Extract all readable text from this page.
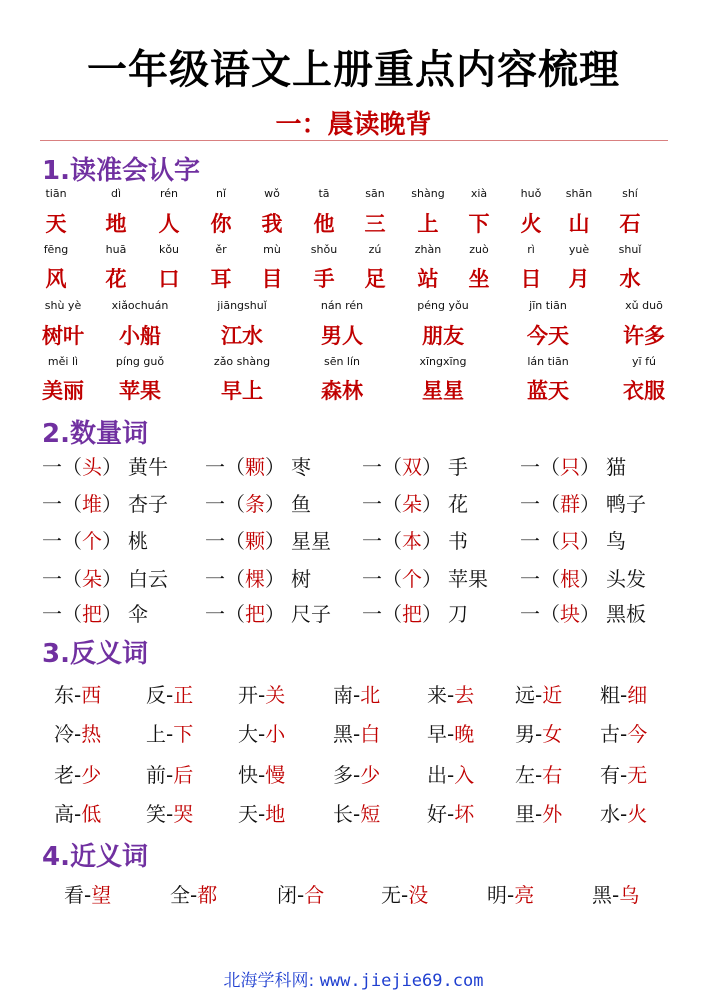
一年级语文上册重点内容梳理
一：晨读晚背
1.读准会认字
tiān	dì	rén	nǐ	wǒ	tā	sān	shàng	xià	huǒ	shān	shí
天	地	人	你	我	他	三	上	下	火	山	石
fēng	huā	kǒu	ěr	mù	shǒu	zú	zhàn	zuò	rì	yuè	shuǐ
风	花	口	耳	目	手	足	站	坐	日	月	水
shù yè	xiǎochuán	jiāngshuǐ	nán rén	péng yǒu	jīn tiān	xǔ duō
树叶	小船	江水	男人	朋友	今天	许多
měi lì	píng guǒ	zǎo shàng	sēn lín	xīngxīng	lán tiān	yī fú
美丽	苹果	早上	森林	星星	蓝天	衣服
2.数量词
一（头） 黄牛 一（颗） 枣	一（双） 手	一（只） 猫
一（堆） 杏子 一（条） 鱼	一（朵） 花	一（群） 鸭子
一（个） 桃	一（颗） 星星 一（本） 书	一（只） 鸟
一（朵） 白云 一（棵） 树	一（个） 苹果 一（根） 头发
一（把） 伞	一（把） 尺子 一（把） 刀	一（块） 黑板
3.反义词
东-西 反-正 开-关 南-北 来-去 远-近 粗-细
冷-热 上-下 大-小 黑-白 早-晚 男-女 古-今
老-少 前-后 快-慢 多-少 出-入 左-右 有-无
高-低 笑-哭 天-地 长-短 好-坏 里-外 水-火
4.近义词
看-望	全-都	闭-合	无-没	明-亮	黑-乌
北海学科网: www.jiejie69.com
